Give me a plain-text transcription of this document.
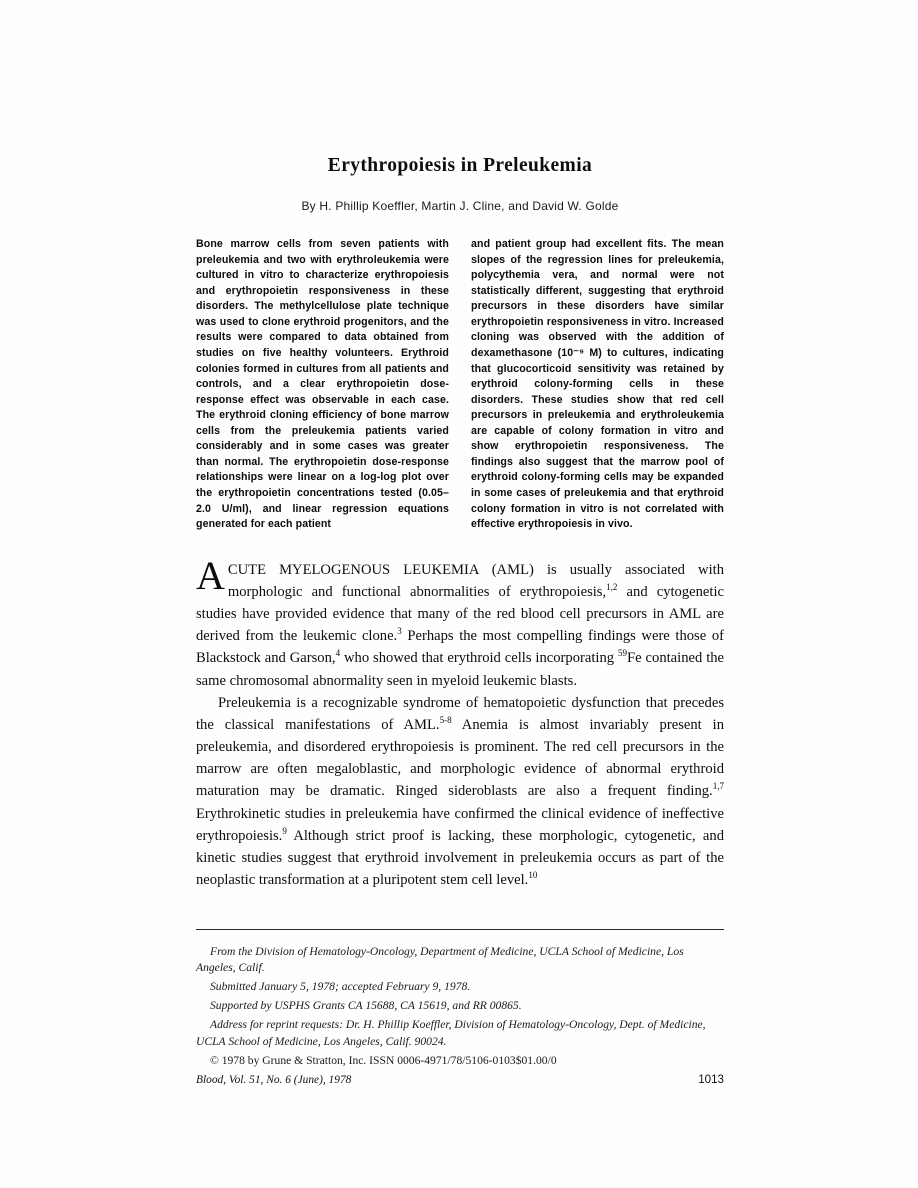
Erythropoiesis in Preleukemia
By H. Phillip Koeffler, Martin J. Cline, and David W. Golde

Bone marrow cells from seven patients with preleukemia and two with erythroleukemia were cultured in vitro to characterize erythropoiesis and erythropoietin responsiveness in these disorders. The methylcellulose plate technique was used to clone erythroid progenitors, and the results were compared to data obtained from studies on five healthy volunteers. Erythroid colonies formed in cultures from all patients and controls, and a clear erythropoietin dose-response effect was observable in each case. The erythroid cloning efficiency of bone marrow cells from the preleukemia patients varied considerably and in some cases was greater than normal. The erythropoietin dose-response relationships were linear on a log-log plot over the erythropoietin concentrations tested (0.05–2.0 U/ml), and linear regression equations generated for each patient

and patient group had excellent fits. The mean slopes of the regression lines for preleukemia, polycythemia vera, and normal were not statistically different, suggesting that erythroid precursors in these disorders have similar erythropoietin responsiveness in vitro. Increased cloning was observed with the addition of dexamethasone (10⁻⁹ M) to cultures, indicating that glucocorticoid sensitivity was retained by erythroid colony-forming cells in these disorders. These studies show that red cell precursors in preleukemia and erythroleukemia are capable of colony formation in vitro and show erythropoietin responsiveness. The findings also suggest that the marrow pool of erythroid colony-forming cells may be expanded in some cases of preleukemia and that erythroid colony formation in vitro is not correlated with effective erythropoiesis in vivo.

ACUTE MYELOGENOUS LEUKEMIA (AML) is usually associated with morphologic and functional abnormalities of erythropoiesis,$^{1,2}$ and cytogenetic studies have provided evidence that many of the red blood cell precursors in AML are derived from the leukemic clone.$^3$ Perhaps the most compelling findings were those of Blackstock and Garson,$^4$ who showed that erythroid cells incorporating $^{59}$Fe contained the same chromosomal abnormality seen in myeloid leukemic blasts.

Preleukemia is a recognizable syndrome of hematopoietic dysfunction that precedes the classical manifestations of AML.$^{5-8}$ Anemia is almost invariably present in preleukemia, and disordered erythropoiesis is prominent. The red cell precursors in the marrow are often megaloblastic, and morphologic evidence of abnormal erythroid maturation may be dramatic. Ringed sideroblasts are also a frequent finding.$^{1,7}$ Erythrokinetic studies in preleukemia have confirmed the clinical evidence of ineffective erythropoiesis.$^9$ Although strict proof is lacking, these morphologic, cytogenetic, and kinetic studies suggest that erythroid involvement in preleukemia occurs as part of the neoplastic transformation at a pluripotent stem cell level.$^{10}$

From the Division of Hematology-Oncology, Department of Medicine, UCLA School of Medicine, Los Angeles, Calif.

Submitted January 5, 1978; accepted February 9, 1978.

Supported by USPHS Grants CA 15688, CA 15619, and RR 00865.

Address for reprint requests: Dr. H. Phillip Koeffler, Division of Hematology-Oncology, Dept. of Medicine, UCLA School of Medicine, Los Angeles, Calif. 90024.

© 1978 by Grune & Stratton, Inc. ISSN 0006-4971/78/5106-0103$01.00/0

Blood, Vol. 51, No. 6 (June), 1978	1013
